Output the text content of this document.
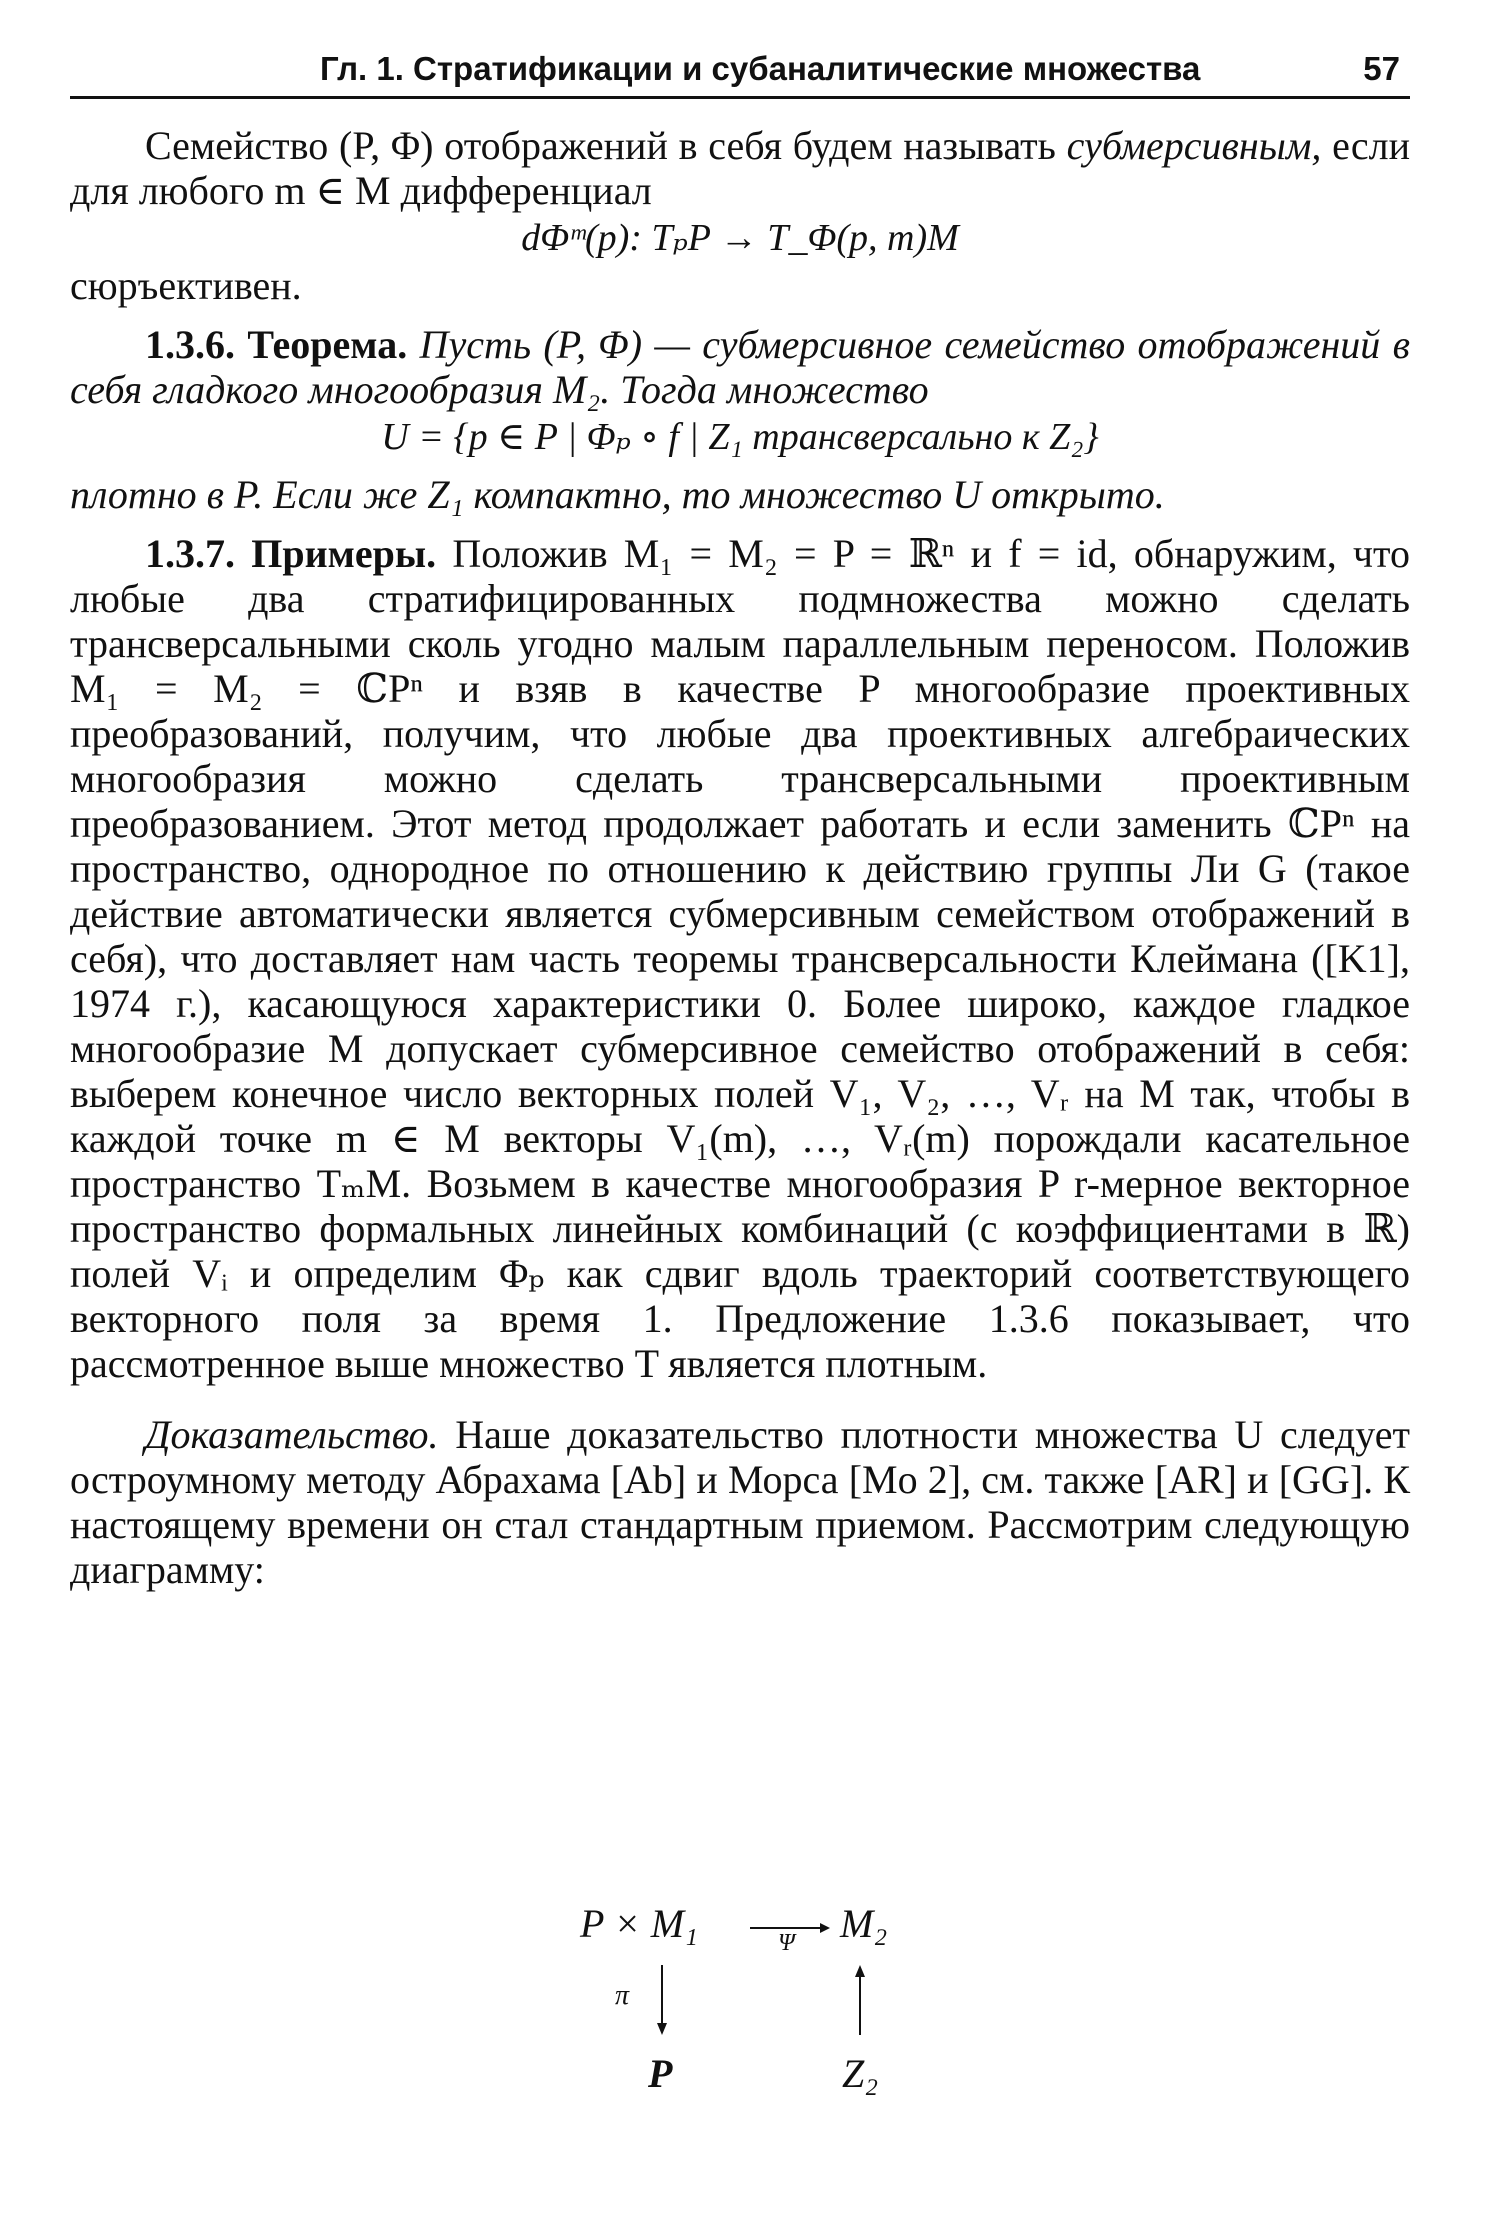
Гл. 1. Стратификации и субаналитические множества	57

Семейство (P, Φ) отображений в себя будем называть субмерсивным, если для любого m ∈ M дифференциал

dΦᵐ(p): TₚP → T_Φ(p, m)M

сюръективен.

1.3.6. Теорема. Пусть (P, Φ) — субмерсивное семейство отображений в себя гладкого многообразия M₂. Тогда множество

U = {p ∈ P | Φₚ ∘ f | Z₁ трансверсально к Z₂}

плотно в P. Если же Z₁ компактно, то множество U открыто.

1.3.7. Примеры. Положив M₁ = M₂ = P = ℝⁿ и f = id, обнаружим, что любые два стратифицированных подмножества можно сделать трансверсальными сколь угодно малым параллельным переносом. Положив M₁ = M₂ = ℂPⁿ и взяв в качестве P многообразие проективных преобразований, получим, что любые два проективных алгебраических многообразия можно сделать трансверсальными проективным преобразованием. Этот метод продолжает работать и если заменить ℂPⁿ на пространство, однородное по отношению к действию группы Ли G (такое действие автоматически является субмерсивным семейством отображений в себя), что доставляет нам часть теоремы трансверсальности Клеймана ([K1], 1974 г.), касающуюся характеристики 0. Более широко, каждое гладкое многообразие M допускает субмерсивное семейство отображений в себя: выберем конечное число векторных полей V₁, V₂, …, Vᵣ на M так, чтобы в каждой точке m ∈ M векторы V₁(m), …, Vᵣ(m) порождали касательное пространство TₘM. Возьмем в качестве многообразия P r-мерное векторное пространство формальных линейных комбинаций (с коэффициентами в ℝ) полей Vᵢ и определим Φₚ как сдвиг вдоль траекторий соответствующего векторного поля за время 1. Предложение 1.3.6 показывает, что рассмотренное выше множество T является плотным.

Доказательство. Наше доказательство плотности множества U следует остроумному методу Абрахама [Ab] и Морса [Mo 2], см. также [AR] и [GG]. К настоящему времени он стал стандартным приемом. Рассмотрим следующую диаграмму:

P × M₁	M₂
Ψ
π
P	Z₂
